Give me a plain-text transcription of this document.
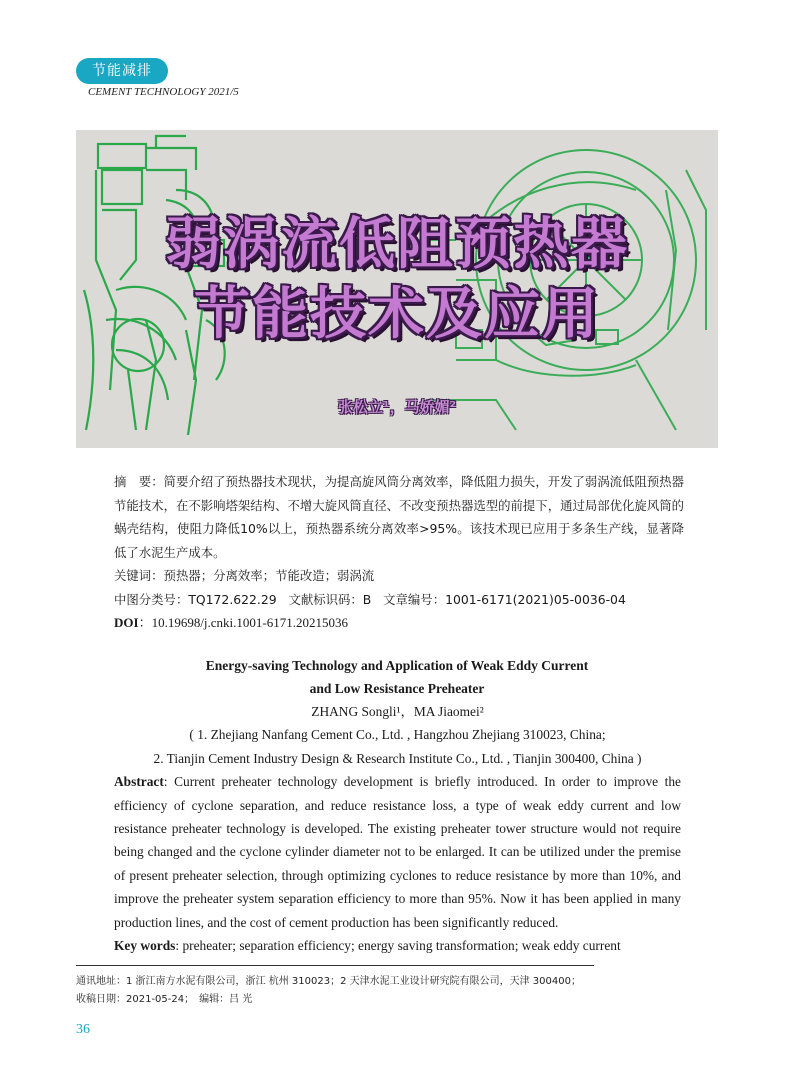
节能减排
CEMENT TECHNOLOGY 2021/5
弱涡流低阻预热器
节能技术及应用
张松立¹，马娇媚²
摘　要：简要介绍了预热器技术现状，为提高旋风筒分离效率，降低阻力损失，开发了弱涡流低阻预热器节能技术，在不影响塔架结构、不增大旋风筒直径、不改变预热器选型的前提下，通过局部优化旋风筒的蜗壳结构，使阻力降低10%以上，预热器系统分离效率>95%。该技术现已应用于多条生产线，显著降低了水泥生产成本。
关键词：预热器；分离效率；节能改造；弱涡流
中图分类号：TQ172.622.29 文献标识码：B 文章编号：1001-6171(2021)05-0036-04
DOI：10.19698/j.cnki.1001-6171.20215036
Energy-saving Technology and Application of Weak Eddy Current
and Low Resistance Preheater
ZHANG Songli¹，MA Jiaomei²
( 1. Zhejiang Nanfang Cement Co., Ltd. , Hangzhou Zhejiang 310023, China;
2. Tianjin Cement Industry Design & Research Institute Co., Ltd. , Tianjin 300400, China )
Abstract: Current preheater technology development is briefly introduced. In order to improve the efficiency of cyclone separation, and reduce resistance loss, a type of weak eddy current and low resistance preheater technology is developed. The existing preheater tower structure would not require being changed and the cyclone cylinder diameter not to be enlarged. It can be utilized under the premise of present preheater selection, through optimizing cyclones to reduce resistance by more than 10%, and improve the preheater system separation efficiency to more than 95%. Now it has been applied in many production lines, and the cost of cement production has been significantly reduced.
Key words: preheater; separation efficiency; energy saving transformation; weak eddy current
通讯地址：1 浙江南方水泥有限公司，浙江 杭州 310023；2 天津水泥工业设计研究院有限公司，天津 300400；
收稿日期：2021-05-24；　编辑：吕 光
36
